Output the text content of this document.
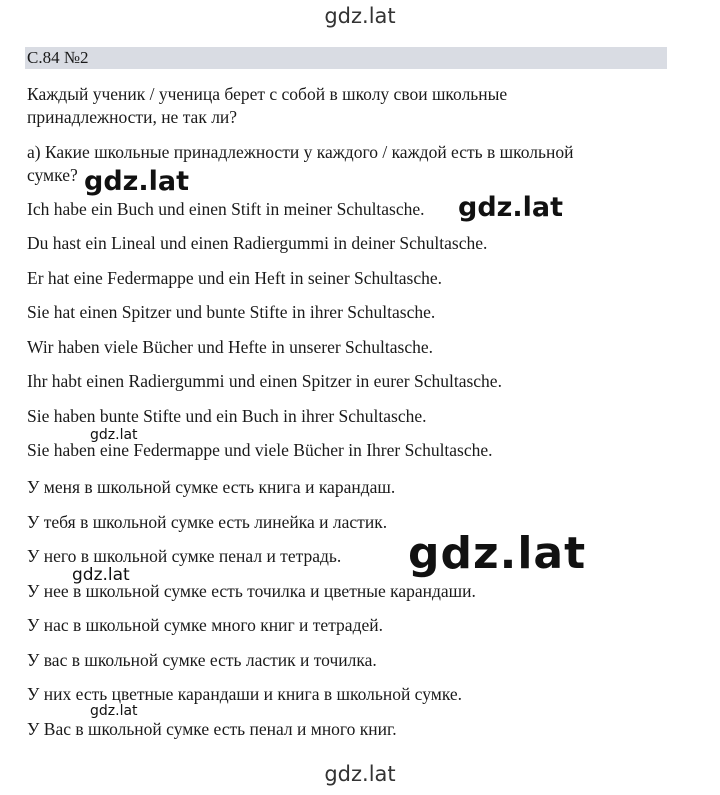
gdz.lat
С.84 №2
Каждый ученик / ученица берет с собой в школу свои школьные
принадлежности, не так ли?
а) Какие школьные принадлежности у каждого / каждой есть в школьной
сумке?
Ich habe ein Buch und einen Stift in meiner Schultasche.
Du hast ein Lineal und einen Radiergummi in deiner Schultasche.
Er hat eine Federmappe und ein Heft in seiner Schultasche.
Sie hat einen Spitzer und bunte Stifte in ihrer Schultasche.
Wir haben viele Bücher und Hefte in unserer Schultasche.
Ihr habt einen Radiergummi und einen Spitzer in eurer Schultasche.
Sie haben bunte Stifte und ein Buch in ihrer Schultasche.
Sie haben eine Federmappe und viele Bücher in Ihrer Schultasche.
У меня в школьной сумке есть книга и карандаш.
У тебя в школьной сумке есть линейка и ластик.
У него в школьной сумке пенал и тетрадь.
У нее в школьной сумке есть точилка и цветные карандаши.
У нас в школьной сумке много книг и тетрадей.
У вас в школьной сумке есть ластик и точилка.
У них есть цветные карандаши и книга в школьной сумке.
У Вас в школьной сумке есть пенал и много книг.
gdz.lat
gdz.lat
gdz.lat
gdz.lat
gdz.lat
gdz.lat
gdz.lat
